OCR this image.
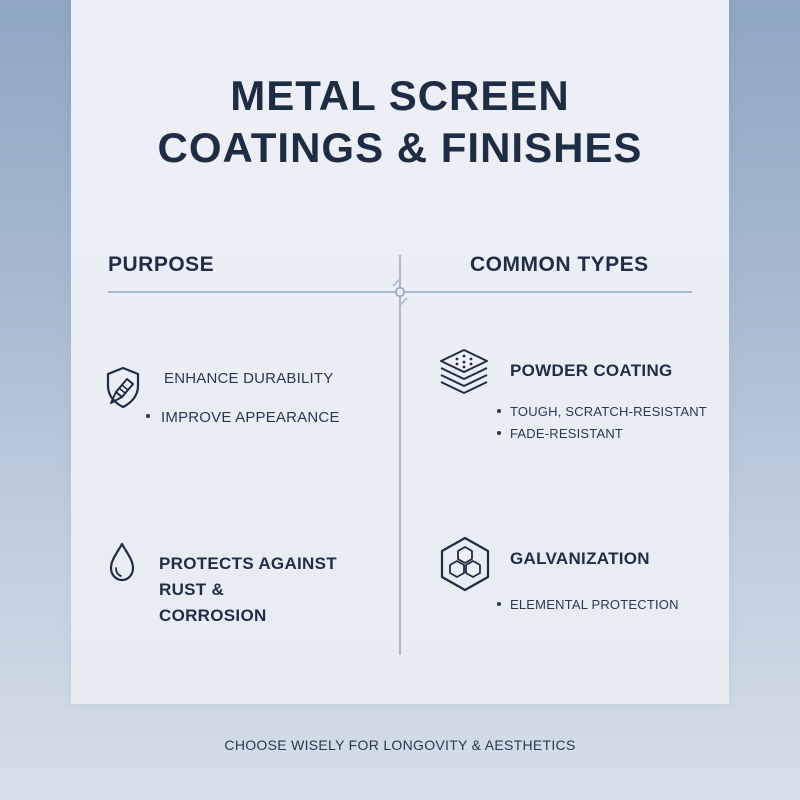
METAL SCREEN
COATINGS & FINISHES
PURPOSE	COMMON TYPES
ENHANCE DURABILITY
IMPROVE APPEARANCE
PROTECTS AGAINST
RUST &
CORROSION
POWDER COATING
TOUGH, SCRATCH-RESISTANT
FADE-RESISTANT
GALVANIZATION
ELEMENTAL PROTECTION
CHOOSE WISELY FOR LONGOVITY & AESTHETICS
